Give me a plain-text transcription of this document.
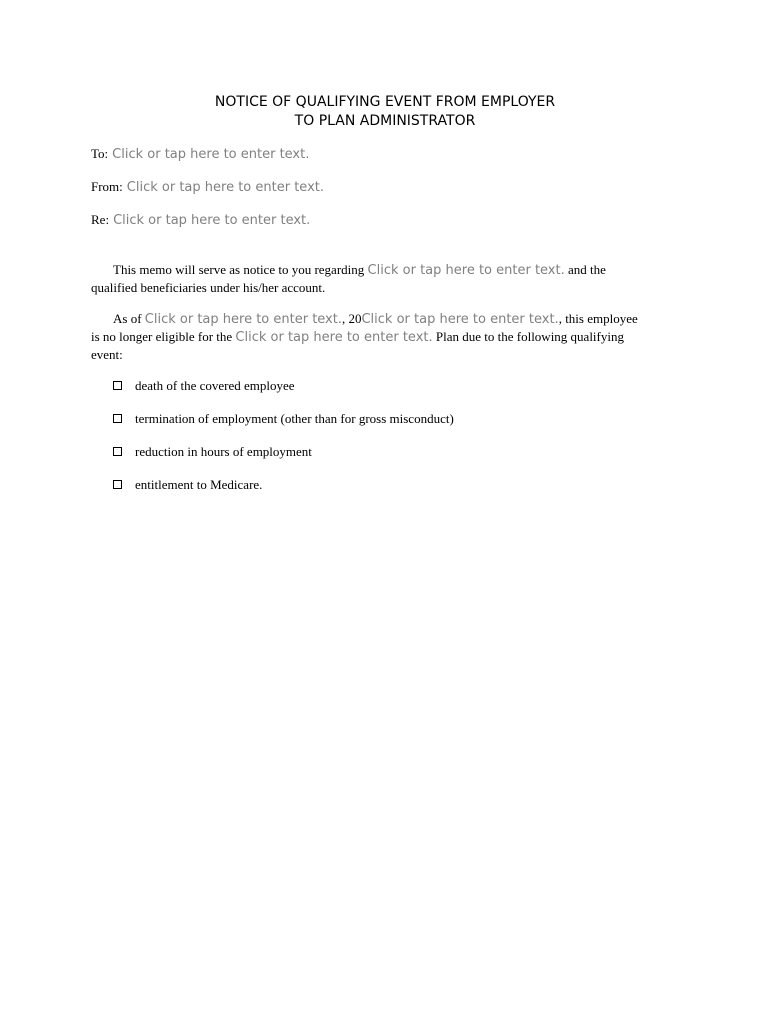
NOTICE OF QUALIFYING EVENT FROM EMPLOYER
TO PLAN ADMINISTRATOR
To: Click or tap here to enter text.
From: Click or tap here to enter text.
Re: Click or tap here to enter text.
This memo will serve as notice to you regarding Click or tap here to enter text. and the
qualified beneficiaries under his/her account.
As of Click or tap here to enter text., 20Click or tap here to enter text., this employee
is no longer eligible for the Click or tap here to enter text. Plan due to the following qualifying
event:
death of the covered employee
termination of employment (other than for gross misconduct)
reduction in hours of employment
entitlement to Medicare.
